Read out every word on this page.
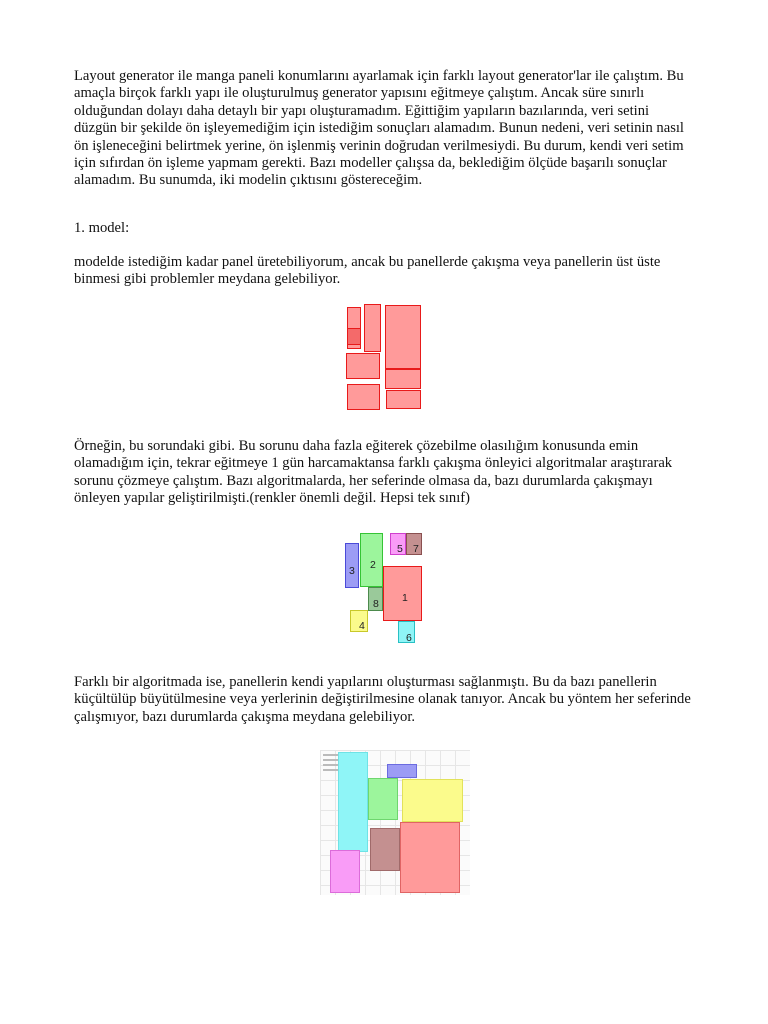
Layout generator ile manga paneli konumlarını ayarlamak için farklı layout generator'lar ile çalıştım. Bu amaçla birçok farklı yapı ile oluşturulmuş generator yapısını eğitmeye çalıştım. Ancak süre sınırlı olduğundan dolayı daha detaylı bir yapı oluşturamadım. Eğittiğim yapıların bazılarında, veri setini düzgün bir şekilde ön işleyemediğim için istediğim sonuçları alamadım. Bunun nedeni, veri setinin nasıl ön işleneceğini belirtmek yerine, ön işlenmiş verinin doğrudan verilmesiydi. Bu durum, kendi veri setim için sıfırdan ön işleme yapmam gerekti. Bazı modeller çalışsa da, beklediğim ölçüde başarılı sonuçlar alamadım. Bu sunumda, iki modelin çıktısını göstereceğim.

1. model:

modelde istediğim kadar panel üretebiliyorum, ancak bu panellerde çakışma veya panellerin üst üste binmesi gibi problemler meydana gelebiliyor.

Örneğin, bu sorundaki gibi. Bu sorunu daha fazla eğiterek çözebilme olasılığım konusunda emin olamadığım için, tekrar eğitmeye 1 gün harcamaktansa farklı çakışma önleyici algoritmalar araştırarak sorunu çözmeye çalıştım. Bazı algoritmalarda, her seferinde olmasa da, bazı durumlarda çakışmayı önleyen yapılar geliştirilmişti.(renkler önemli değil. Hepsi tek sınıf)

3 2
5 7
1
8
4
6

Farklı bir algoritmada ise, panellerin kendi yapılarını oluşturması sağlanmıştı. Bu da bazı panellerin küçültülüp büyütülmesine veya yerlerinin değiştirilmesine olanak tanıyor. Ancak bu yöntem her seferinde çalışmıyor, bazı durumlarda çakışma meydana gelebiliyor.
